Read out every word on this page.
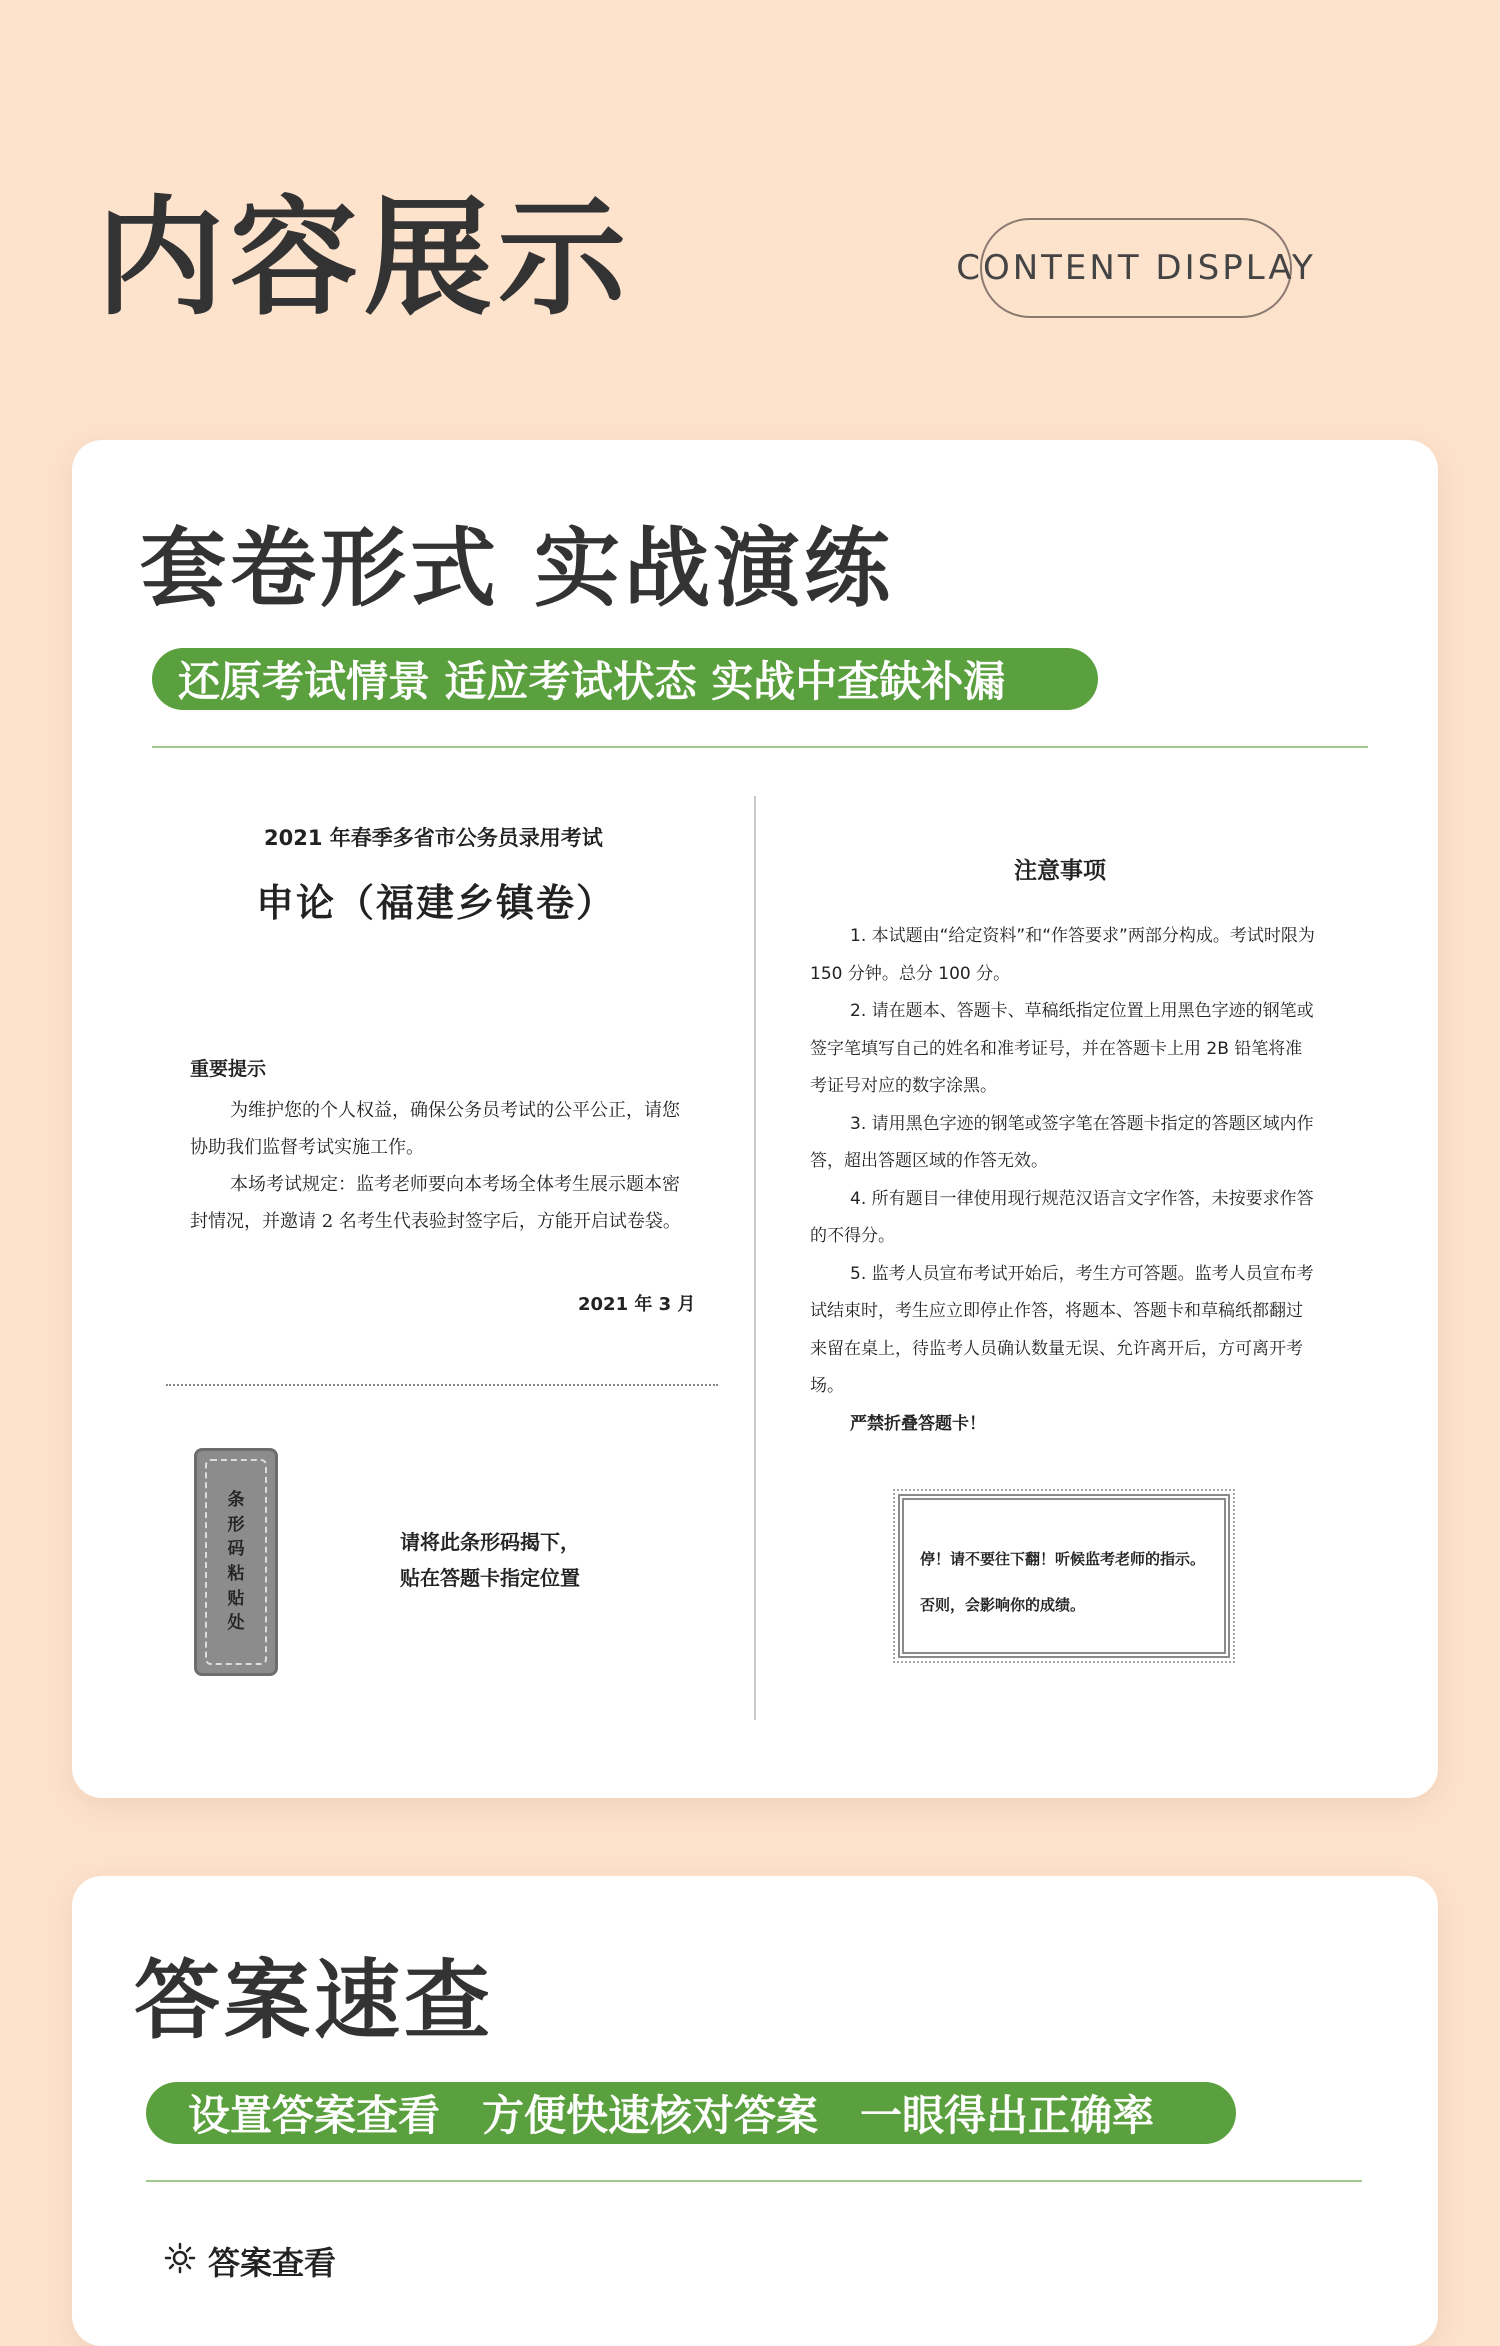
内容展示	CONTENT DISPLAY
套卷形式 实战演练
还原考试情景 适应考试状态 实战中查缺补漏
2021 年春季多省市公务员录用考试
申论（福建乡镇卷）
重要提示
为维护您的个人权益，确保公务员考试的公平公正，请您协助我们监督考试实施工作。
本场考试规定：监考老师要向本考场全体考生展示题本密封情况，并邀请 2 名考生代表验封签字后，方能开启试卷袋。
2021 年 3 月
条
形
码
粘
贴
处
请将此条形码揭下，
贴在答题卡指定位置
注意事项
1. 本试题由“给定资料”和“作答要求”两部分构成。考试时限为 150 分钟。总分 100 分。
2. 请在题本、答题卡、草稿纸指定位置上用黑色字迹的钢笔或签字笔填写自己的姓名和准考证号，并在答题卡上用 2B 铅笔将准考证号对应的数字涂黑。
3. 请用黑色字迹的钢笔或签字笔在答题卡指定的答题区域内作答，超出答题区域的作答无效。
4. 所有题目一律使用现行规范汉语言文字作答，未按要求作答的不得分。
5. 监考人员宣布考试开始后，考生方可答题。监考人员宣布考试结束时，考生应立即停止作答，将题本、答题卡和草稿纸都翻过来留在桌上，待监考人员确认数量无误、允许离开后，方可离开考场。
严禁折叠答题卡！
停！请不要往下翻！听候监考老师的指示。
否则，会影响你的成绩。
答案速查
设置答案查看　方便快速核对答案　一眼得出正确率
答案查看
